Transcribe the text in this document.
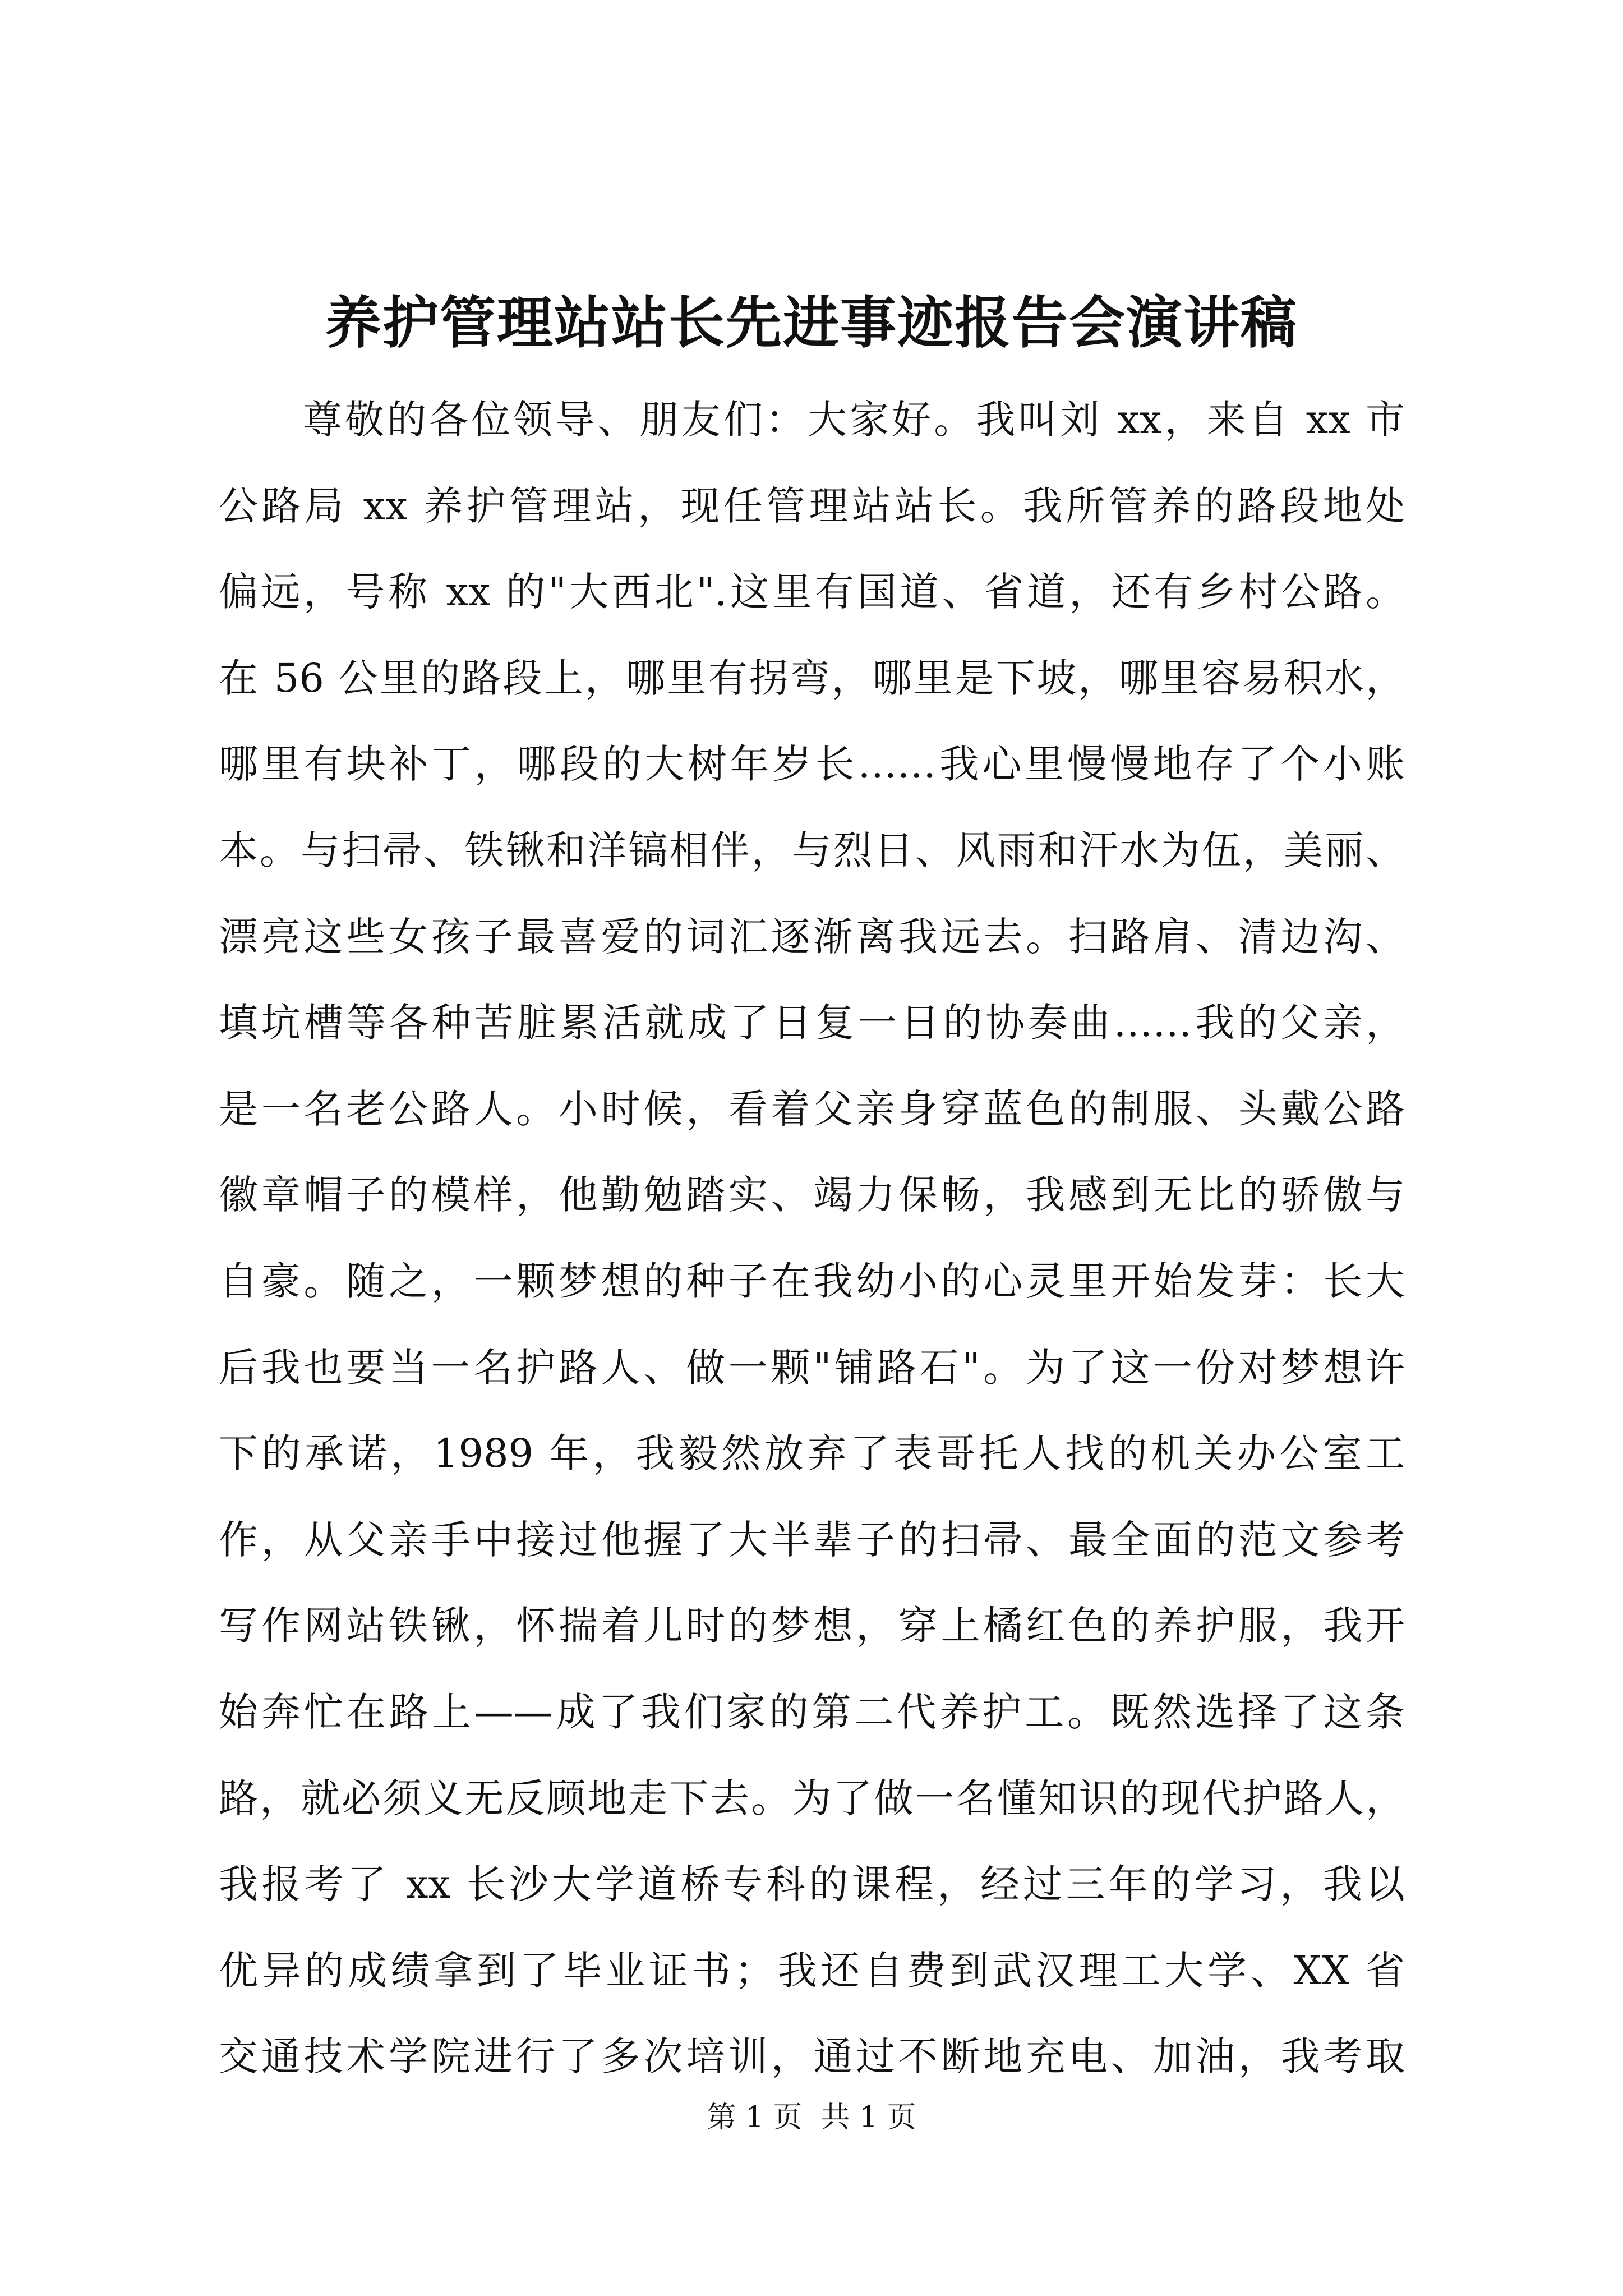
养护管理站站长先进事迹报告会演讲稿
　　尊敬的各位领导、朋友们：大家好。我叫刘 xx，来自 xx 市
公路局 xx 养护管理站，现任管理站站长。我所管养的路段地处
偏远，号称 xx 的"大西北".这里有国道、省道，还有乡村公路。
在 56 公里的路段上，哪里有拐弯，哪里是下坡，哪里容易积水，
哪里有块补丁，哪段的大树年岁长……我心里慢慢地存了个小账
本。与扫帚、铁锹和洋镐相伴，与烈日、风雨和汗水为伍，美丽、
漂亮这些女孩子最喜爱的词汇逐渐离我远去。扫路肩、清边沟、
填坑槽等各种苦脏累活就成了日复一日的协奏曲……我的父亲，
是一名老公路人。小时候，看着父亲身穿蓝色的制服、头戴公路
徽章帽子的模样，他勤勉踏实、竭力保畅，我感到无比的骄傲与
自豪。随之，一颗梦想的种子在我幼小的心灵里开始发芽：长大
后我也要当一名护路人、做一颗"铺路石"。为了这一份对梦想许
下的承诺，1989 年，我毅然放弃了表哥托人找的机关办公室工
作，从父亲手中接过他握了大半辈子的扫帚、最全面的范文参考
写作网站铁锹，怀揣着儿时的梦想，穿上橘红色的养护服，我开
始奔忙在路上——成了我们家的第二代养护工。既然选择了这条
路，就必须义无反顾地走下去。为了做一名懂知识的现代护路人，
我报考了 xx 长沙大学道桥专科的课程，经过三年的学习，我以
优异的成绩拿到了毕业证书；我还自费到武汉理工大学、XX 省
交通技术学院进行了多次培训，通过不断地充电、加油，我考取
第 1 页  共 1 页
